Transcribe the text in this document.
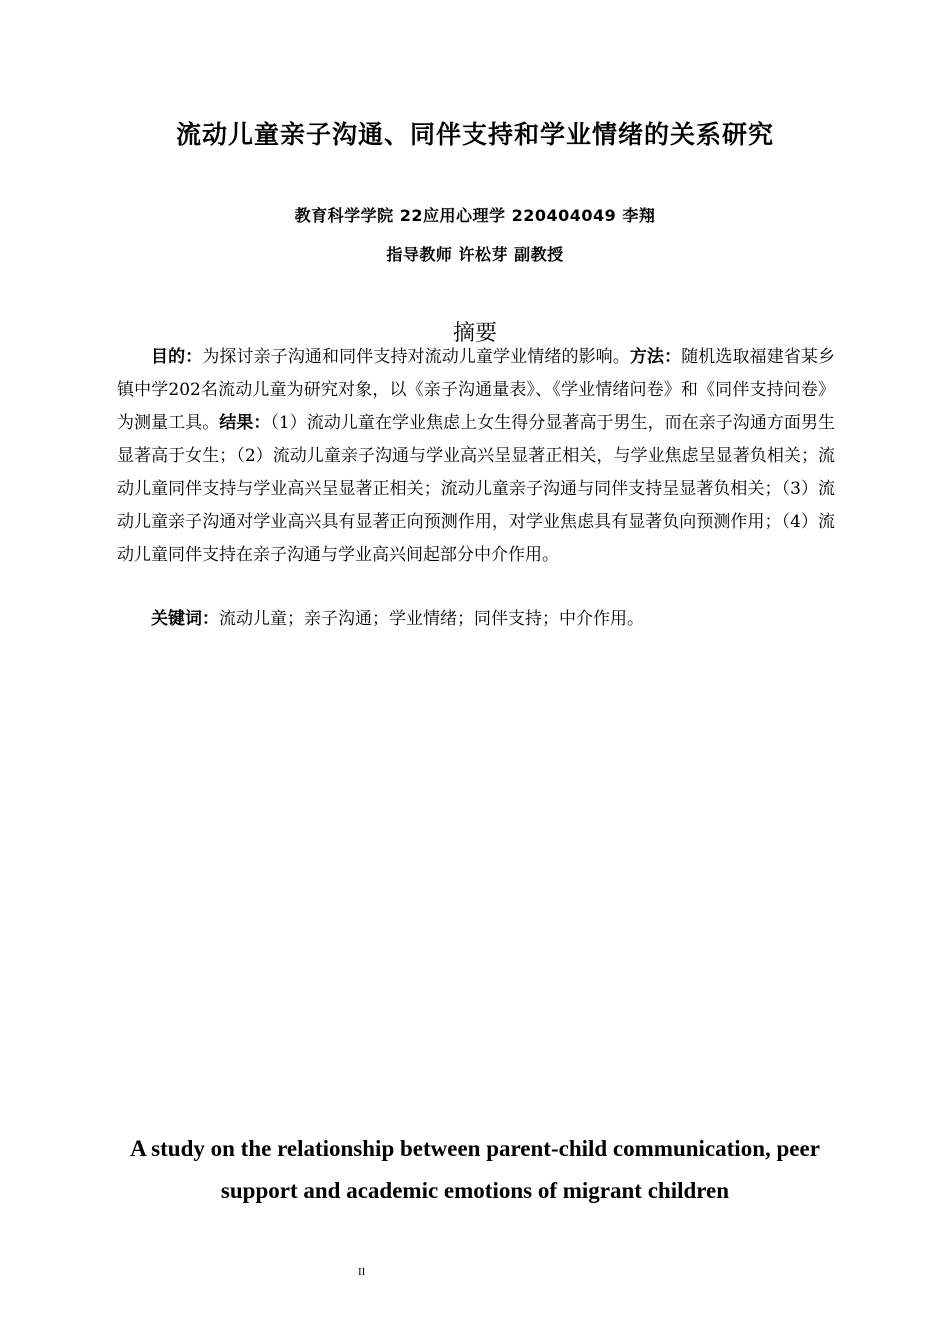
流动儿童亲子沟通、同伴支持和学业情绪的关系研究
教育科学学院 22应用心理学 220404049 李翔
指导教师 许松芽 副教授
摘要

目的：为探讨亲子沟通和同伴支持对流动儿童学业情绪的影响。方法：随机选取福建省某乡镇中学202名流动儿童为研究对象，以《亲子沟通量表》、《学业情绪问卷》和《同伴支持问卷》为测量工具。结果：（1）流动儿童在学业焦虑上女生得分显著高于男生，而在亲子沟通方面男生显著高于女生；（2）流动儿童亲子沟通与学业高兴呈显著正相关，与学业焦虑呈显著负相关；流动儿童同伴支持与学业高兴呈显著正相关；流动儿童亲子沟通与同伴支持呈显著负相关；（3）流动儿童亲子沟通对学业高兴具有显著正向预测作用，对学业焦虑具有显著负向预测作用；（4）流动儿童同伴支持在亲子沟通与学业高兴间起部分中介作用。

关键词：流动儿童；亲子沟通；学业情绪；同伴支持；中介作用。

A study on the relationship between parent-child communication, peer
support and academic emotions of migrant children
II
